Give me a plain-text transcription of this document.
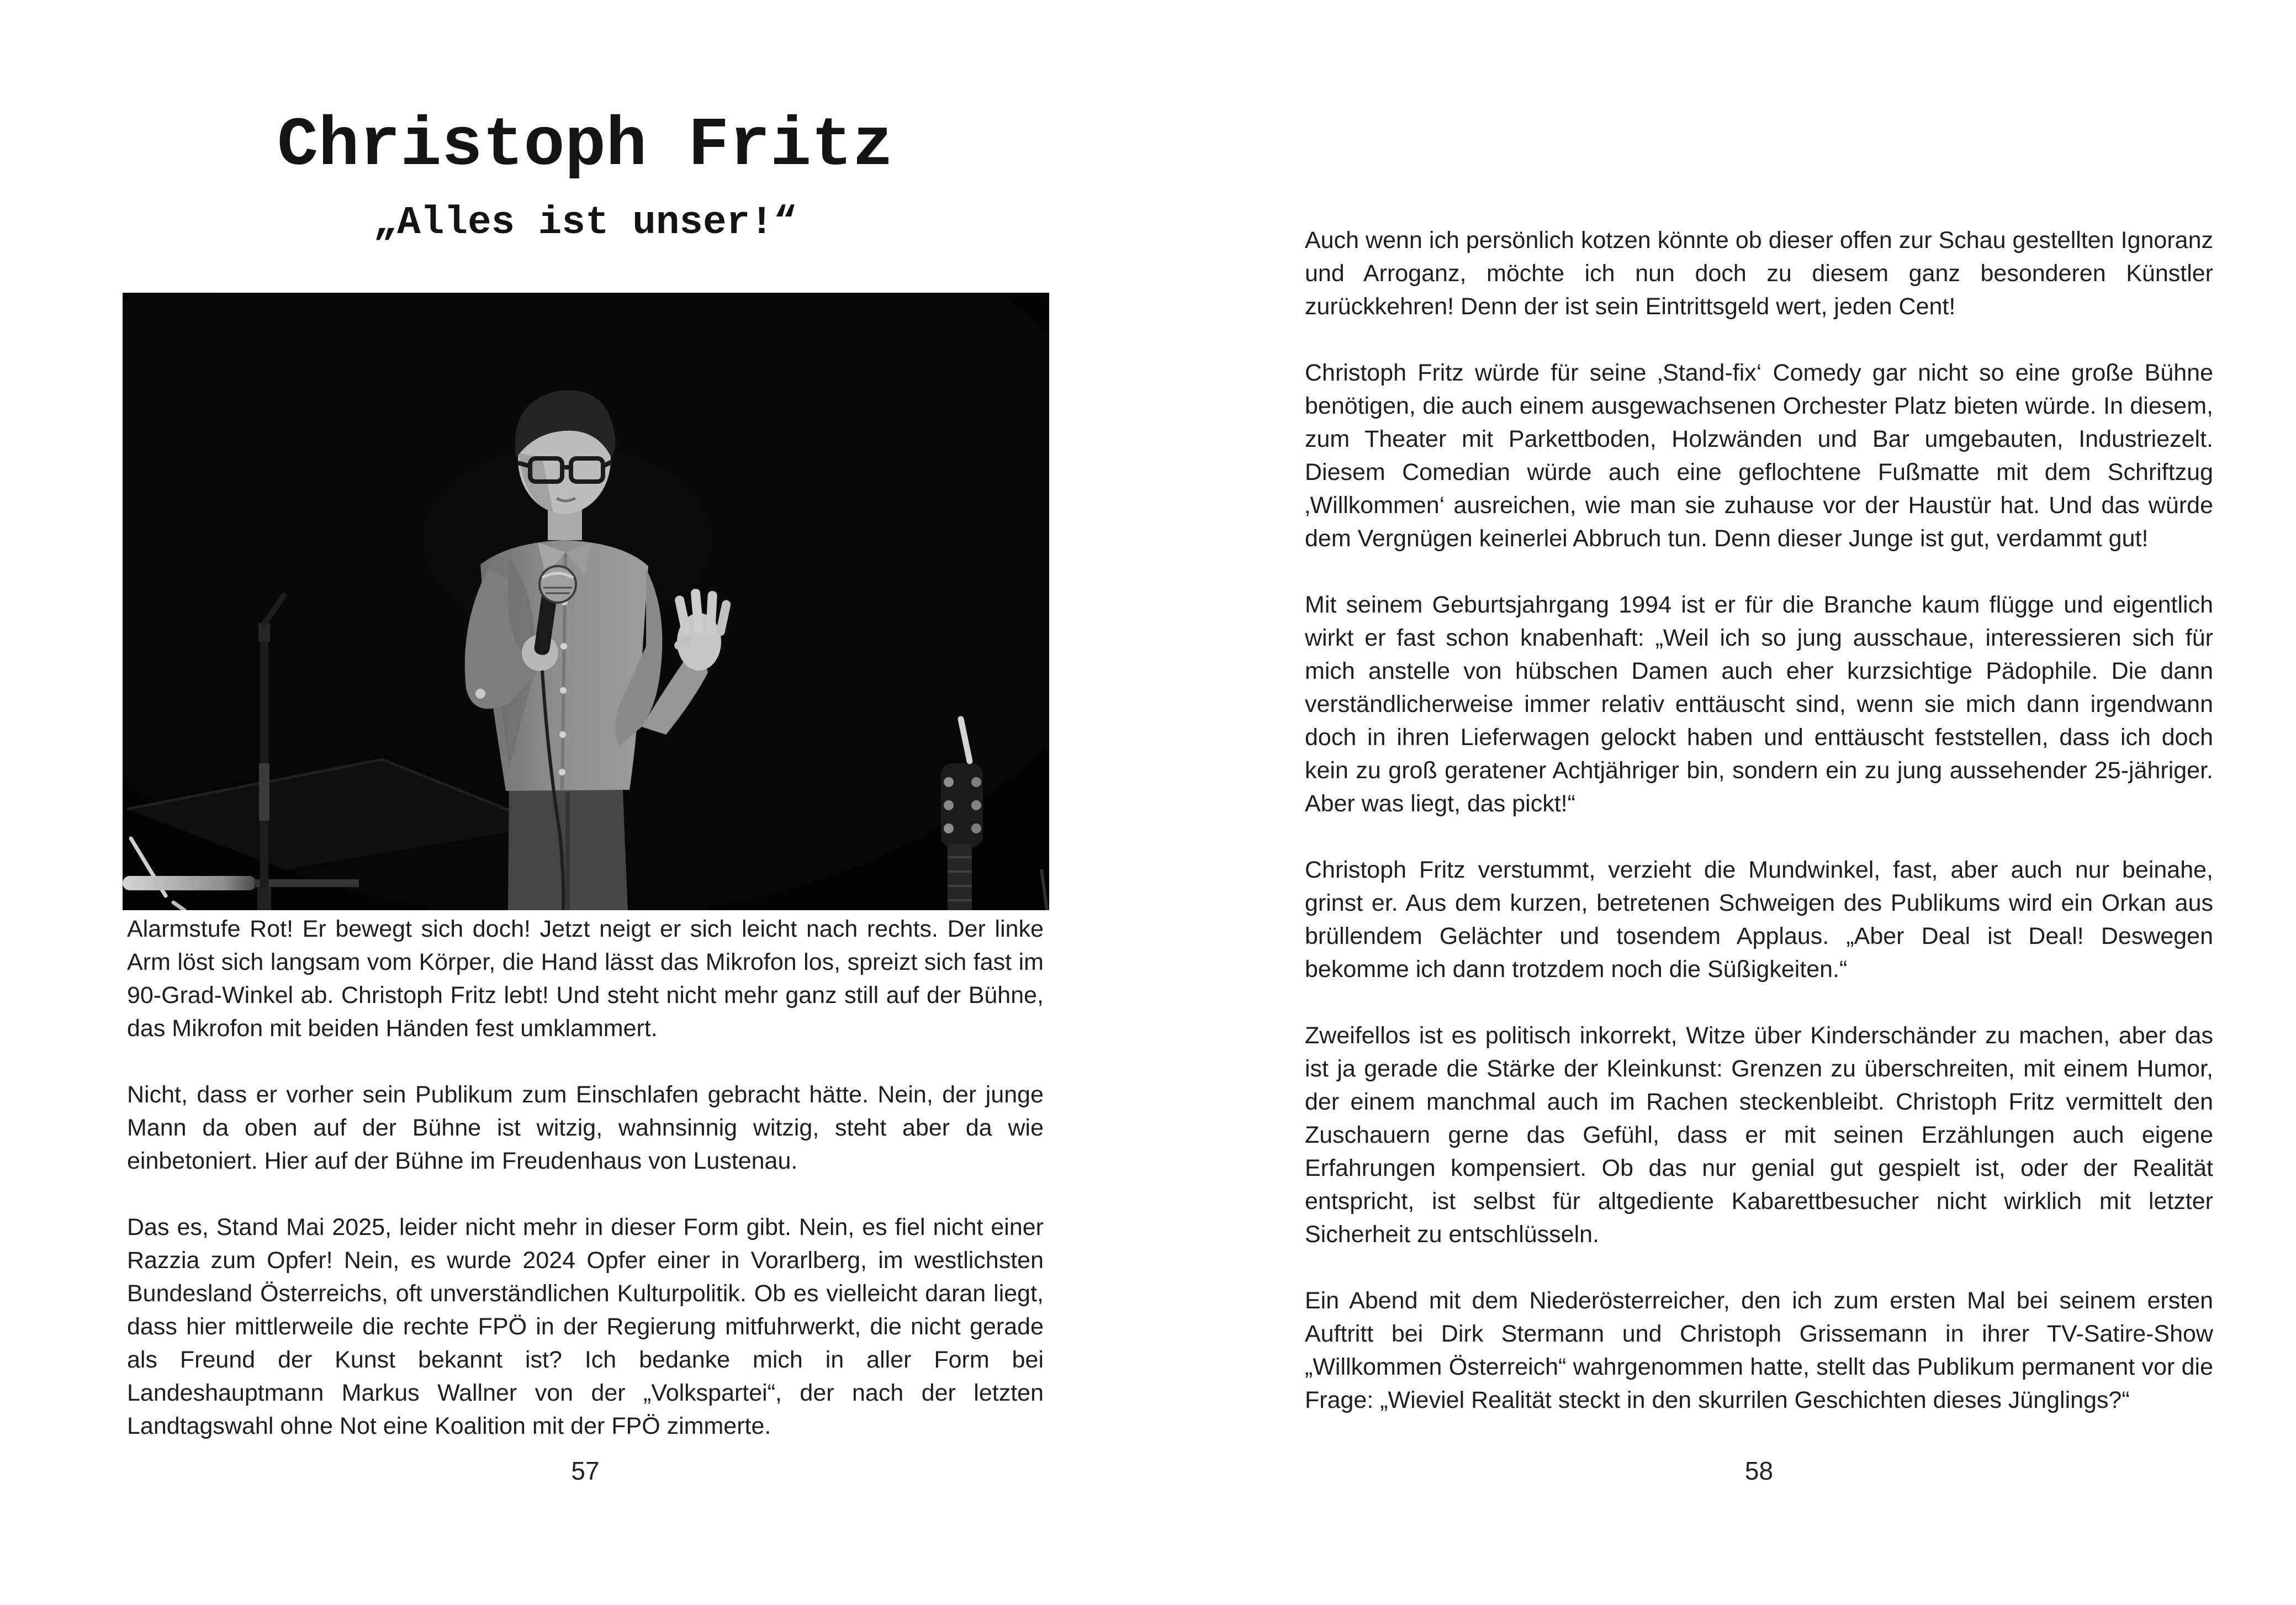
Christoph Fritz
„Alles ist unser!“

Alarmstufe Rot! Er bewegt sich doch! Jetzt neigt er sich leicht nach rechts. Der linke Arm löst sich langsam vom Körper, die Hand lässt das Mikrofon los, spreizt sich fast im 90-Grad-Winkel ab. Christoph Fritz lebt! Und steht nicht mehr ganz still auf der Bühne, das Mikrofon mit beiden Händen fest umklammert.

Nicht, dass er vorher sein Publikum zum Einschlafen gebracht hätte. Nein, der junge Mann da oben auf der Bühne ist witzig, wahnsinnig witzig, steht aber da wie einbetoniert. Hier auf der Bühne im Freudenhaus von Lustenau.

Das es, Stand Mai 2025, leider nicht mehr in dieser Form gibt. Nein, es fiel nicht einer Razzia zum Opfer! Nein, es wurde 2024 Opfer einer in Vorarlberg, im westlichsten Bundesland Österreichs, oft unverständlichen Kulturpolitik. Ob es vielleicht daran liegt, dass hier mittlerweile die rechte FPÖ in der Regierung mitfuhrwerkt, die nicht gerade als Freund der Kunst bekannt ist? Ich bedanke mich in aller Form bei Landeshauptmann Markus Wallner von der „Volkspartei“, der nach der letzten Landtagswahl ohne Not eine Koalition mit der FPÖ zimmerte.

57

Auch wenn ich persönlich kotzen könnte ob dieser offen zur Schau gestellten Ignoranz und Arroganz, möchte ich nun doch zu diesem ganz besonderen Künstler zurückkehren! Denn der ist sein Eintrittsgeld wert, jeden Cent!

Christoph Fritz würde für seine ‚Stand-fix‘ Comedy gar nicht so eine große Bühne benötigen, die auch einem ausgewachsenen Orchester Platz bieten würde. In diesem, zum Theater mit Parkettboden, Holzwänden und Bar umgebauten, Industriezelt. Diesem Comedian würde auch eine geflochtene Fußmatte mit dem Schriftzug ‚Willkommen‘ ausreichen, wie man sie zuhause vor der Haustür hat. Und das würde dem Vergnügen keinerlei Abbruch tun. Denn dieser Junge ist gut, verdammt gut!

Mit seinem Geburtsjahrgang 1994 ist er für die Branche kaum flügge und eigentlich wirkt er fast schon knabenhaft: „Weil ich so jung ausschaue, interessieren sich für mich anstelle von hübschen Damen auch eher kurzsichtige Pädophile. Die dann verständlicherweise immer relativ enttäuscht sind, wenn sie mich dann irgendwann doch in ihren Lieferwagen gelockt haben und enttäuscht feststellen, dass ich doch kein zu groß geratener Achtjähriger bin, sondern ein zu jung aussehender 25-jähriger. Aber was liegt, das pickt!“

Christoph Fritz verstummt, verzieht die Mundwinkel, fast, aber auch nur beinahe, grinst er. Aus dem kurzen, betretenen Schweigen des Publikums wird ein Orkan aus brüllendem Gelächter und tosendem Applaus. „Aber Deal ist Deal! Deswegen bekomme ich dann trotzdem noch die Süßigkeiten.“

Zweifellos ist es politisch inkorrekt, Witze über Kinderschänder zu machen, aber das ist ja gerade die Stärke der Kleinkunst: Grenzen zu überschreiten, mit einem Humor, der einem manchmal auch im Rachen steckenbleibt. Christoph Fritz vermittelt den Zuschauern gerne das Gefühl, dass er mit seinen Erzählungen auch eigene Erfahrungen kompensiert. Ob das nur genial gut gespielt ist, oder der Realität entspricht, ist selbst für altgediente Kabarettbesucher nicht wirklich mit letzter Sicherheit zu entschlüsseln.

Ein Abend mit dem Niederösterreicher, den ich zum ersten Mal bei seinem ersten Auftritt bei Dirk Stermann und Christoph Grissemann in ihrer TV-Satire-Show „Willkommen Österreich“ wahrgenommen hatte, stellt das Publikum permanent vor die Frage: „Wieviel Realität steckt in den skurrilen Geschichten dieses Jünglings?“

58
